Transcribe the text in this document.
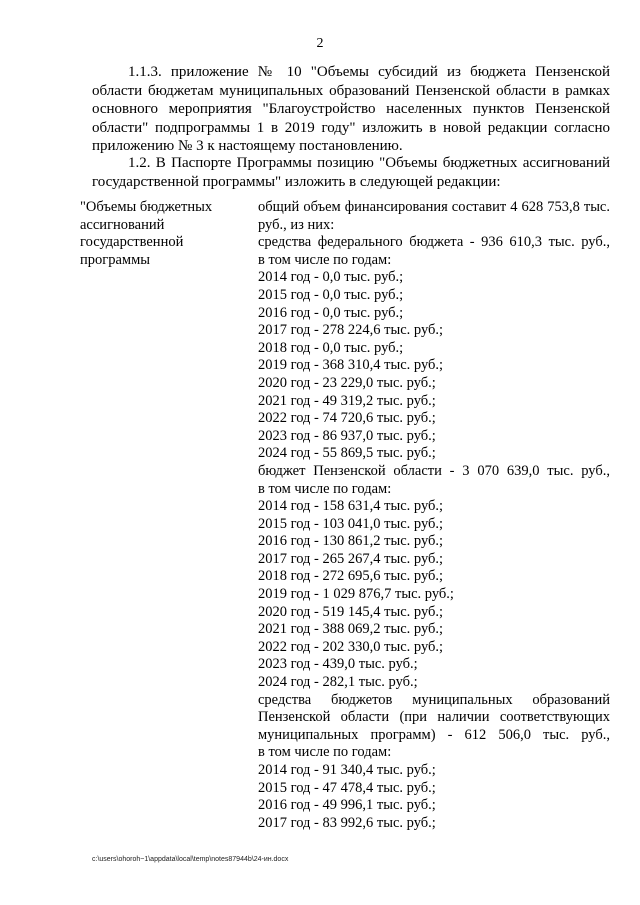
2
1.1.3. приложение № 10 "Объемы субсидий из бюджета Пензенской области бюджетам муниципальных образований Пензенской области в рамках основного мероприятия "Благоустройство населенных пунктов Пензенской области" подпрограммы 1 в 2019 году" изложить в новой редакции согласно приложению № 3 к настоящему постановлению.
1.2. В Паспорте Программы позицию "Объемы бюджетных ассигнований государственной программы" изложить в следующей редакции:
"Объемы бюджетных
ассигнований
государственной
программы
общий объем финансирования составит 4 628 753,8 тыс.
руб., из них:
средства федерального бюджета - 936 610,3 тыс. руб.,
в том числе по годам:
2014 год - 0,0 тыс. руб.;
2015 год - 0,0 тыс. руб.;
2016 год - 0,0 тыс. руб.;
2017 год - 278 224,6 тыс. руб.;
2018 год - 0,0 тыс. руб.;
2019 год - 368 310,4 тыс. руб.;
2020 год - 23 229,0 тыс. руб.;
2021 год - 49 319,2 тыс. руб.;
2022 год - 74 720,6 тыс. руб.;
2023 год - 86 937,0 тыс. руб.;
2024 год - 55 869,5 тыс. руб.;
бюджет Пензенской области - 3 070 639,0 тыс. руб.,
в том числе по годам:
2014 год - 158 631,4 тыс. руб.;
2015 год - 103 041,0 тыс. руб.;
2016 год - 130 861,2 тыс. руб.;
2017 год - 265 267,4 тыс. руб.;
2018 год - 272 695,6 тыс. руб.;
2019 год - 1 029 876,7 тыс. руб.;
2020 год - 519 145,4 тыс. руб.;
2021 год - 388 069,2 тыс. руб.;
2022 год - 202 330,0 тыс. руб.;
2023 год - 439,0 тыс. руб.;
2024 год - 282,1 тыс. руб.;
средства бюджетов муниципальных образований
Пензенской области (при наличии соответствующих
муниципальных программ) - 612 506,0 тыс. руб.,
в том числе по годам:
2014 год - 91 340,4 тыс. руб.;
2015 год - 47 478,4 тыс. руб.;
2016 год - 49 996,1 тыс. руб.;
2017 год - 83 992,6 тыс. руб.;
c:\users\ohoroh~1\appdata\local\temp\notes87944b\24-ин.docx
